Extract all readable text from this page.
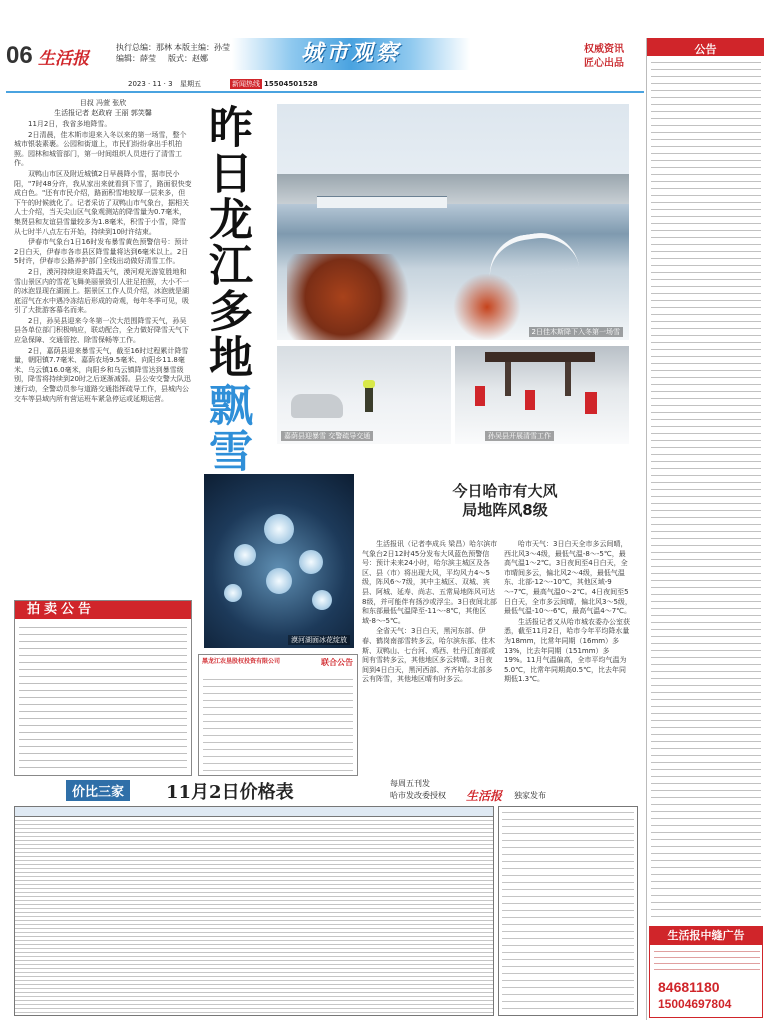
06 生活报
执行总编：那林 本版主编：孙莹
编辑：薛莹 版式：赵娜	城市观察	权威资讯
匠心出品
2023 · 11 · 3 星期五	新闻热线 15504501528
目叔 冯萱 张欣
生活报记者 赵政府 王丽 郭笑馨

11月2日，我省多地降雪。

2日清晨，佳木斯市迎来入冬以来的第一场雪，整个城市银装素裹。公园和街道上，市民们纷纷拿出手机拍照。园林和城管部门，第一时间组织人员进行了清雪工作。

双鸭山市区及附近城镇2日早晨降小雪，据市民小阳，"7时48分许，我从家出来就看到下雪了，路面很快变成白色。"还有市民介绍，路面积雪地较厚一层来多，但下午的时候就化了。记者采访了双鸭山市气象台，据相关人士介绍，当天尖山区气象观测站的降雪量为0.7毫米，集贤县和友谊县雪量较多为1.8毫米，积雪于小雪，降雪从七时半八点左右开始，持续到10时许结束。

伊春市气象台1日16时发布暴雪黄色预警信号：预计2日白天，伊春市各市县区降雪量将达到6毫米以上。2日5时许，伊春市公路养护部门全线出动做好清雪工作。

2日，漠河持续迎来降温天气，漠河观光游览胜地和雪山景区内的雪花飞舞美丽景致引人驻足拍照，大小不一的冰泡显现在湖面上。据景区工作人员介绍，冰泡就是湖底沼气在水中遇冷冻结后形成的奇观，每年冬季可见，吸引了大批游客慕名而来。

2日，孙吴县迎来今冬第一次大范围降雪天气，孙吴县各单位部门积极响应，联动配合，全力做好降雪天气下应急保障、交通管控、除雪保畅等工作。

2日，嘉荫县迎来暴雪天气，截至16时过程累计降雪量，朝阳镇7.7毫米、嘉荫农场9.5毫米、向阳乡11.8毫米、乌云镇16.0毫米，向阳乡和乌云镇降雪达到暴雪级别，降雪将持续到20时之后逐渐减弱。县公安交警大队迅速行动，全警动员参与道路交通指挥疏导工作，县城内公交车等县域内所有营运班车紧急停运或延期运营。

昨日龙江多地
飘雪
2日佳木斯降下入冬第一场雪
嘉荫县迎暴雪 交警疏导交通	孙吴县开展清雪工作
漠河湖面冰花绽放
今日哈市有大风
局地阵风8级

生活报讯（记者李成兵 梁昌）哈尔滨市气象台2日12时45分发布大风蓝色预警信号：预计未来24小时，哈尔滨主城区及各区、县（市）将出现大风，平均风力4～5级，阵风6～7级，其中主城区、双城、宾县、阿城、延寿、尚志、五常局地阵风可达8级，并可能伴有扬沙或浮尘。3日夜间北部和东部最低气温降至-11～-8℃，其他区域-8～-5℃。

全省天气：3日白天，黑河东部、伊春、鹤岗南部雪转多云，哈尔滨东部、佳木斯、双鸭山、七台河、鸡西、牡丹江南部或间有雪转多云，其他地区多云转晴。3日夜间到4日白天，黑河西部、齐齐哈尔北部多云有阵雪，其他地区晴有时多云。

哈市天气：3日白天全市多云间晴，西北风3～4级，最低气温-8～-5℃，最高气温1～2℃。3日夜间至4日白天，全市晴间多云，偏北风2～4级，最低气温东、北部-12～-10℃，其他区域-9～-7℃，最高气温0～2℃。4日夜间至5日白天，全市多云间晴，偏北风3～5级，最低气温-10～-6℃，最高气温4～7℃。

生活报记者又从哈市城农委办公室获悉，截至11月2日，哈市今年平均降水量为18mm，比常年同期（16mm）多13%，比去年同期（151mm）多19%。11月气温偏高，全市平均气温为5.0℃，比常年同期高0.5℃，比去年同期低1.3℃。

拍卖公告
黑龙江农垦股权投资有限公司	联合公告
价比三家	11月2日价格表	每周五刊发
哈市发改委授权 生活报 独家发布
公告
生活报中缝广告
84681180
15004697804
